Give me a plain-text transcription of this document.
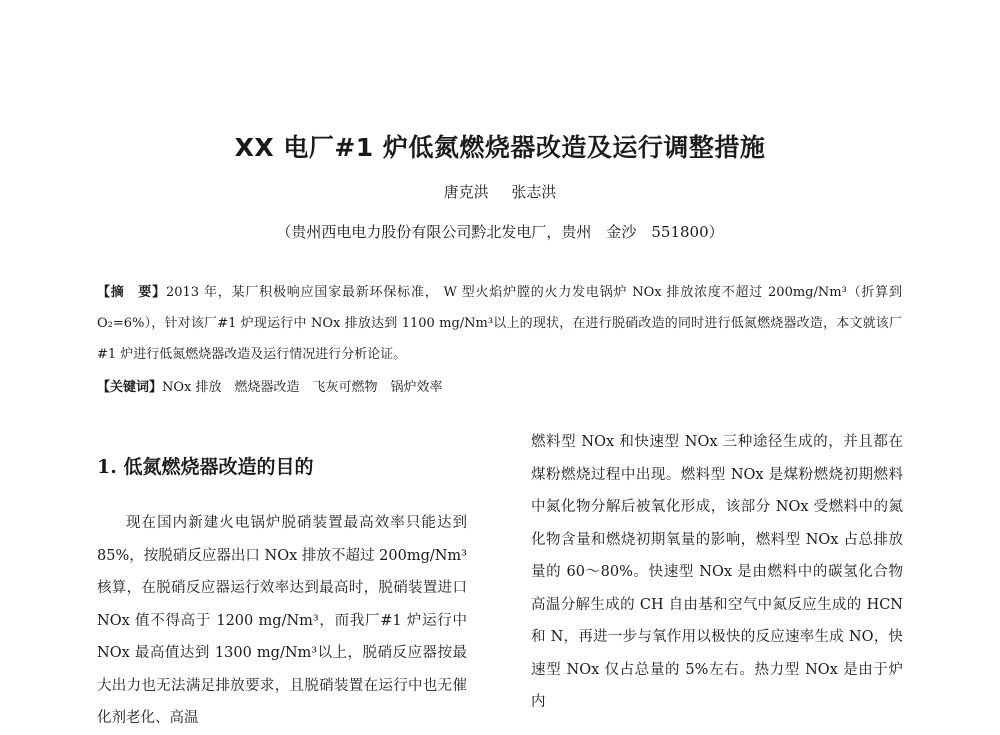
XX 电厂#1 炉低氮燃烧器改造及运行调整措施
唐克洪 张志洪
（贵州西电电力股份有限公司黔北发电厂，贵州　金沙　551800）
【摘　要】2013 年，某厂积极响应国家最新环保标准， W 型火焰炉膛的火力发电锅炉 NOx 排放浓度不超过 200mg/Nm³（折算到 O₂=6%），针对该厂#1 炉现运行中 NOx 排放达到 1100 mg/Nm³以上的现状，在进行脱硝改造的同时进行低氮燃烧器改造，本文就该厂#1 炉进行低氮燃烧器改造及运行情况进行分析论证。
【关键词】NOx 排放　燃烧器改造　飞灰可燃物　锅炉效率
1. 低氮燃烧器改造的目的
现在国内新建火电锅炉脱硝装置最高效率只能达到 85%，按脱硝反应器出口 NOx 排放不超过 200mg/Nm³核算，在脱硝反应器运行效率达到最高时，脱硝装置进口 NOx 值不得高于 1200 mg/Nm³，而我厂#1 炉运行中 NOx 最高值达到 1300 mg/Nm³以上，脱硝反应器按最大出力也无法满足排放要求，且脱硝装置在运行中也无催化剂老化、高温
燃料型 NOx 和快速型 NOx 三种途径生成的，并且都在煤粉燃烧过程中出现。燃料型 NOx 是煤粉燃烧初期燃料中氮化物分解后被氧化形成，该部分 NOx 受燃料中的氮化物含量和燃烧初期氧量的影响，燃料型 NOx 占总排放量的 60～80%。快速型 NOx 是由燃料中的碳氢化合物高温分解生成的 CH 自由基和空气中氮反应生成的 HCN 和 N，再进一步与氧作用以极快的反应速率生成 NO，快速型 NOx 仅占总量的 5%左右。热力型 NOx 是由于炉内
